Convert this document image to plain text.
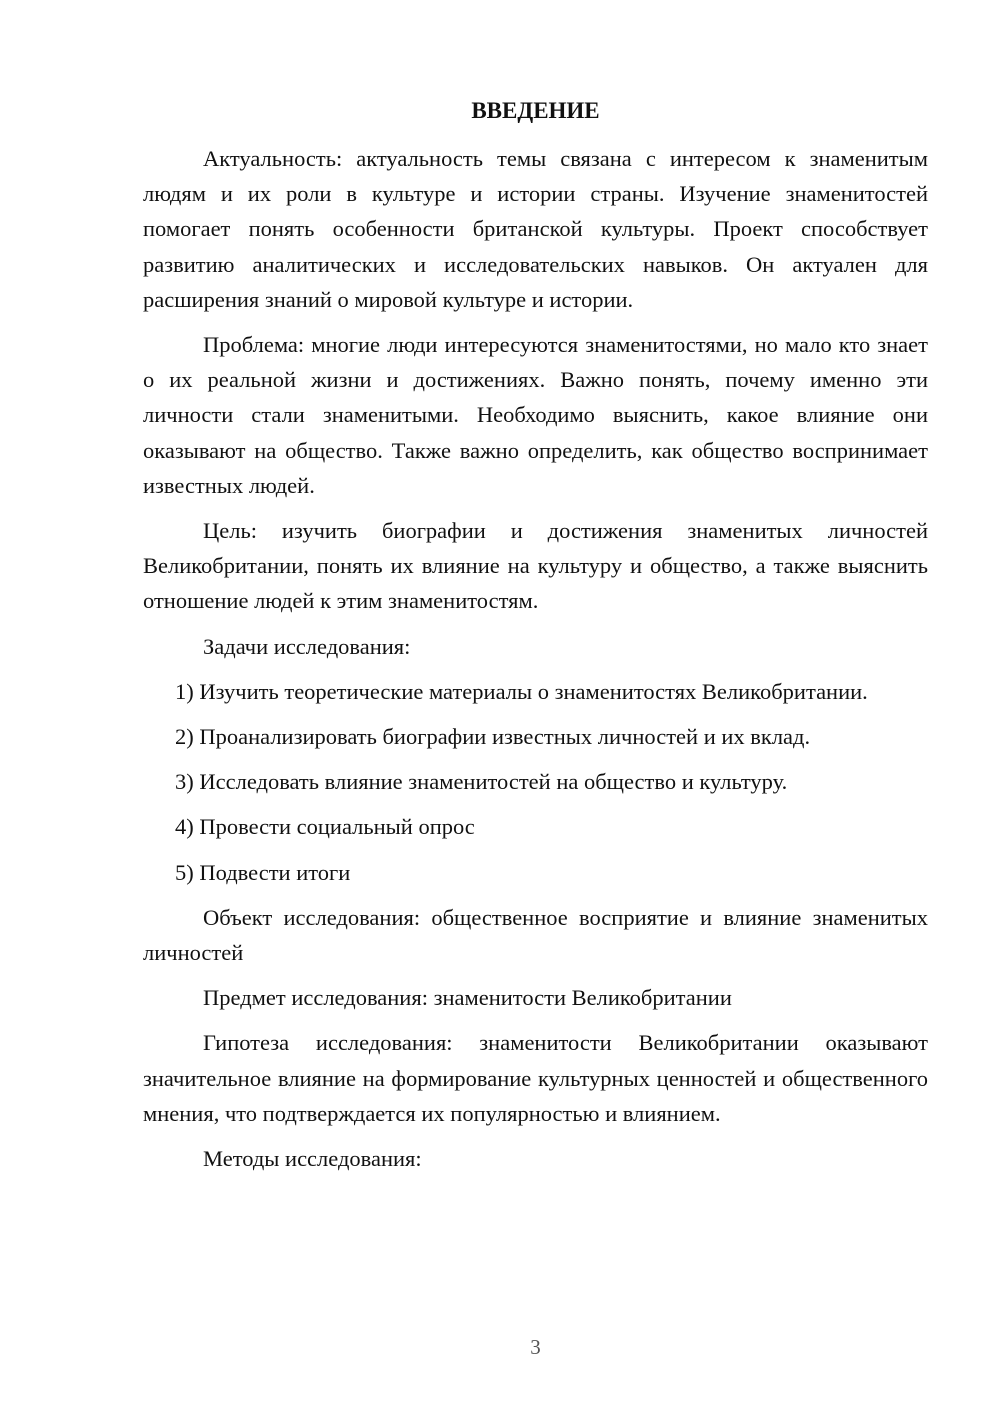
ВВЕДЕНИЕ

Актуальность: актуальность темы связана с интересом к знаменитым людям и их роли в культуре и истории страны. Изучение знаменитостей помогает понять особенности британской культуры. Проект способствует развитию аналитических и исследовательских навыков. Он актуален для расширения знаний о мировой культуре и истории.

Проблема: многие люди интересуются знаменитостями, но мало кто знает о их реальной жизни и достижениях. Важно понять, почему именно эти личности стали знаменитыми. Необходимо выяснить, какое влияние они оказывают на общество. Также важно определить, как общество воспринимает известных людей.

Цель: изучить биографии и достижения знаменитых личностей Великобритании, понять их влияние на культуру и общество, а также выяснить отношение людей к этим знаменитостям.

Задачи исследования:

1) Изучить теоретические материалы о знаменитостях Великобритании.

2) Проанализировать биографии известных личностей и их вклад.

3) Исследовать влияние знаменитостей на общество и культуру.

4) Провести социальный опрос

5) Подвести итоги

Объект исследования: общественное восприятие и влияние знаменитых личностей

Предмет исследования: знаменитости Великобритании

Гипотеза исследования: знаменитости Великобритании оказывают значительное влияние на формирование культурных ценностей и общественного мнения, что подтверждается их популярностью и влиянием.

Методы исследования:

3
